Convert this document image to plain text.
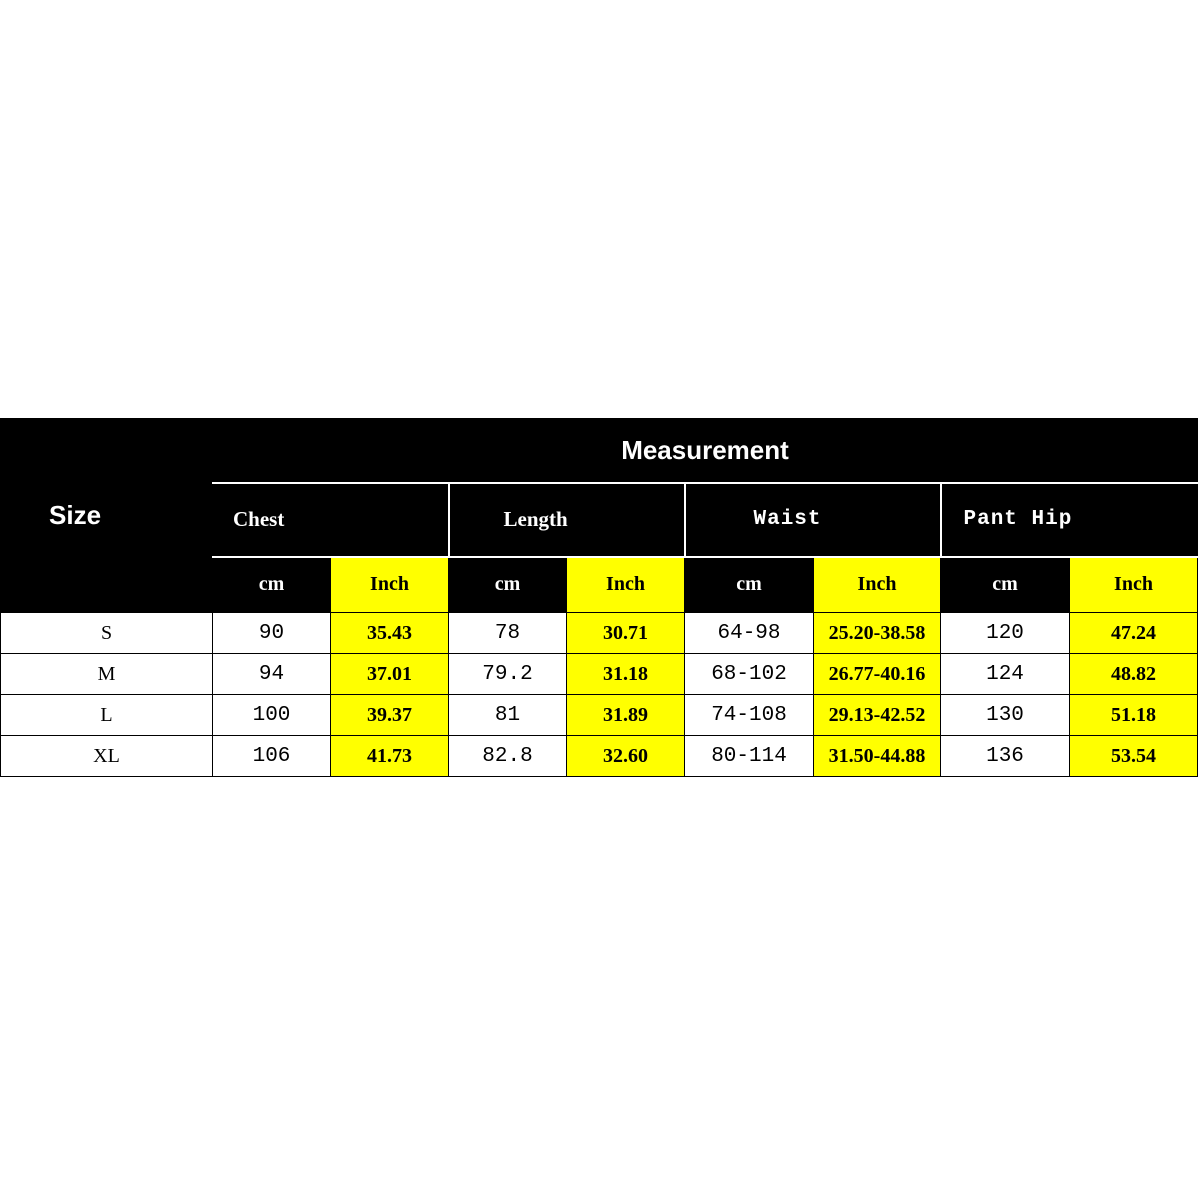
Size	Measurement							
	Chest		Length		Waist		Pant Hip	
	cm	Inch	cm	Inch	cm	Inch	cm	Inch
S	90	35.43	78	30.71	64-98	25.20-38.58	120	47.24
M	94	37.01	79.2	31.18	68-102	26.77-40.16	124	48.82
L	100	39.37	81	31.89	74-108	29.13-42.52	130	51.18
XL	106	41.73	82.8	32.60	80-114	31.50-44.88	136	53.54
